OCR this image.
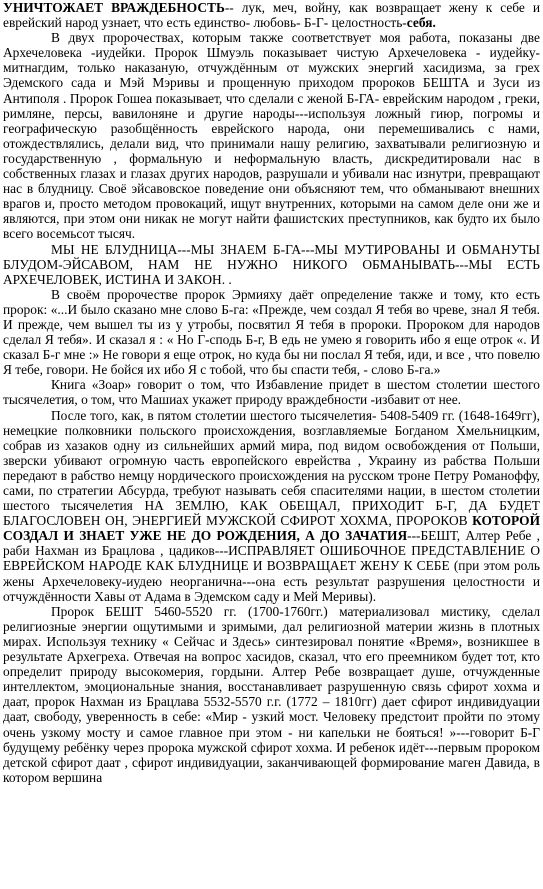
УНИЧТОЖАЕТ ВРАЖДЕБНОСТЬ-- лук, меч, войну, как возвращает жену к себе и еврейский народ узнает, что есть единство- любовь- Б-Г- целостность-себя.

В двух пророчествах, которым также соответствует моя работа, показаны две Архечеловека -иудейки. Пророк Шмуэль показывает чистую Архечеловека - иудейку-митнагдим, только наказаную, отчуждённым от мужских энергий хасидизма, за грех Эдемского сада и Мэй Мэривы и прощенную приходом пророков БЕШТА и Зуси из Антиполя . Пророк Гошеа показывает, что сделали с женой Б-ГА- еврейским народом , греки, римляне, персы, вавилоняне и другие народы---используя ложный гиюр, погромы и географическую разобщённость еврейского народа, они перемешивались с нами, отождествлялись, делали вид, что принимали нашу религию, захватывали религиозную и государственную , формальную и неформальную власть, дискредитировали нас в собственных глазах и глазах других народов, разрушали и убивали нас изнутри, превращают нас в блудницу. Своё эйсавовское поведение они объясняют тем, что обманывают внешних врагов и, просто методом провокаций, ищут внутренних, которыми на самом деле они же и являются, при этом они никак не могут найти фашистских преступников, как будто их было всего восемьсот тысяч.

МЫ НЕ БЛУДНИЦА---МЫ ЗНАЕМ Б-ГА---МЫ МУТИРОВАНЫ И ОБМАНУТЫ БЛУДОМ-ЭЙСАВОМ, НАМ НЕ НУЖНО НИКОГО ОБМАНЫВАТЬ---МЫ ЕСТЬ АРХЕЧЕЛОВЕК, ИСТИНА И ЗАКОН. .

В своём пророчестве пророк Эрмияху даёт определение также и тому, кто есть пророк: «...И было сказано мне слово Б-га: «Прежде, чем создал Я тебя во чреве, знал Я тебя. И прежде, чем вышел ты из у утробы, посвятил Я тебя в пророки. Пророком для народов сделал Я тебя». И сказал я : « Но Г-сподь Б-г, В едь не умею я говорить ибо я еще отрок «. И сказал Б-г мне :» Не говори я еще отрок, но куда бы ни послал Я тебя, иди, и все , что повелю Я тебе, говори. Не бойся их ибо Я с тобой, что бы спасти тебя, - слово Б-га.»

Книга «Зоар» говорит о том, что Избавление придет в шестом столетии шестого тысячелетия, о том, что Машиах укажет природу враждебности -избавит от нее.

После того, как, в пятом столетии шестого тысячелетия- 5408-5409 гг. (1648-1649гг), немецкие полковники польского происхождения, возглавляемые Богданом Хмельницким, собрав из хазаков одну из сильнейших армий мира, под видом освобождения от Польши, зверски убивают огромную часть европейского еврейства , Украину из рабства Польши передают в рабство немцу нордического происхождения на русском троне Петру Романоффу, сами, по стратегии Абсурда, требуют называть себя спасителями нации, в шестом столетии шестого тысячелетия НА ЗЕМЛЮ, КАК ОБЕЩАЛ, ПРИХОДИТ Б-Г, ДА БУДЕТ БЛАГОСЛОВЕН ОН, ЭНЕРГИЕЙ МУЖСКОЙ СФИРОТ ХОХМА, ПРОРОКОВ КОТОРОЙ СОЗДАЛ И ЗНАЕТ УЖЕ НЕ ДО РОЖДЕНИЯ, А ДО ЗАЧАТИЯ---БЕШТ, Алтер Ребе , раби Нахман из Брацлова , цадиков---ИСПРАВЛЯЕТ ОШИБОЧНОЕ ПРЕДСТАВЛЕНИЕ О ЕВРЕЙСКОМ НАРОДЕ КАК БЛУДНИЦЕ И ВОЗВРАЩАЕТ ЖЕНУ К СЕБЕ (при этом роль жены Архечеловеку-иудею неорганична---она есть результат разрушения целостности и отчуждённости Хавы от Адама в Эдемском саду и Мей Меривы).

Пророк БЕШТ 5460-5520 гг. (1700-1760гг.) материализовал мистику, сделал религиозные энергии ощутимыми и зримыми, дал религиозной материи жизнь в плотных мирах. Используя технику « Сейчас и Здесь» синтезировал понятие «Время», возникшее в результате Архегреха. Отвечая на вопрос хасидов, сказал, что его преемником будет тот, кто определит природу высокомерия, гордыни. Алтер Ребе возвращает душе, отчужденные интеллектом, эмоциональные знания, восстанавливает разрушенную связь сфирот хохма и даат, пророк Нахман из Брацлава 5532-5570 г.г. (1772 – 1810гг) дает сфирот индивидуации даат, свободу, уверенность в себе: «Мир - узкий мост. Человеку предстоит пройти по этому очень узкому мосту и самое главное при этом - ни капельки не бояться! »---говорит Б-Г будущему ребёнку через пророка мужской сфирот хохма. И ребенок идёт---первым пророком детской сфирот даат , сфирот индивидуации, заканчивающей формирование маген Давида, в котором вершина
